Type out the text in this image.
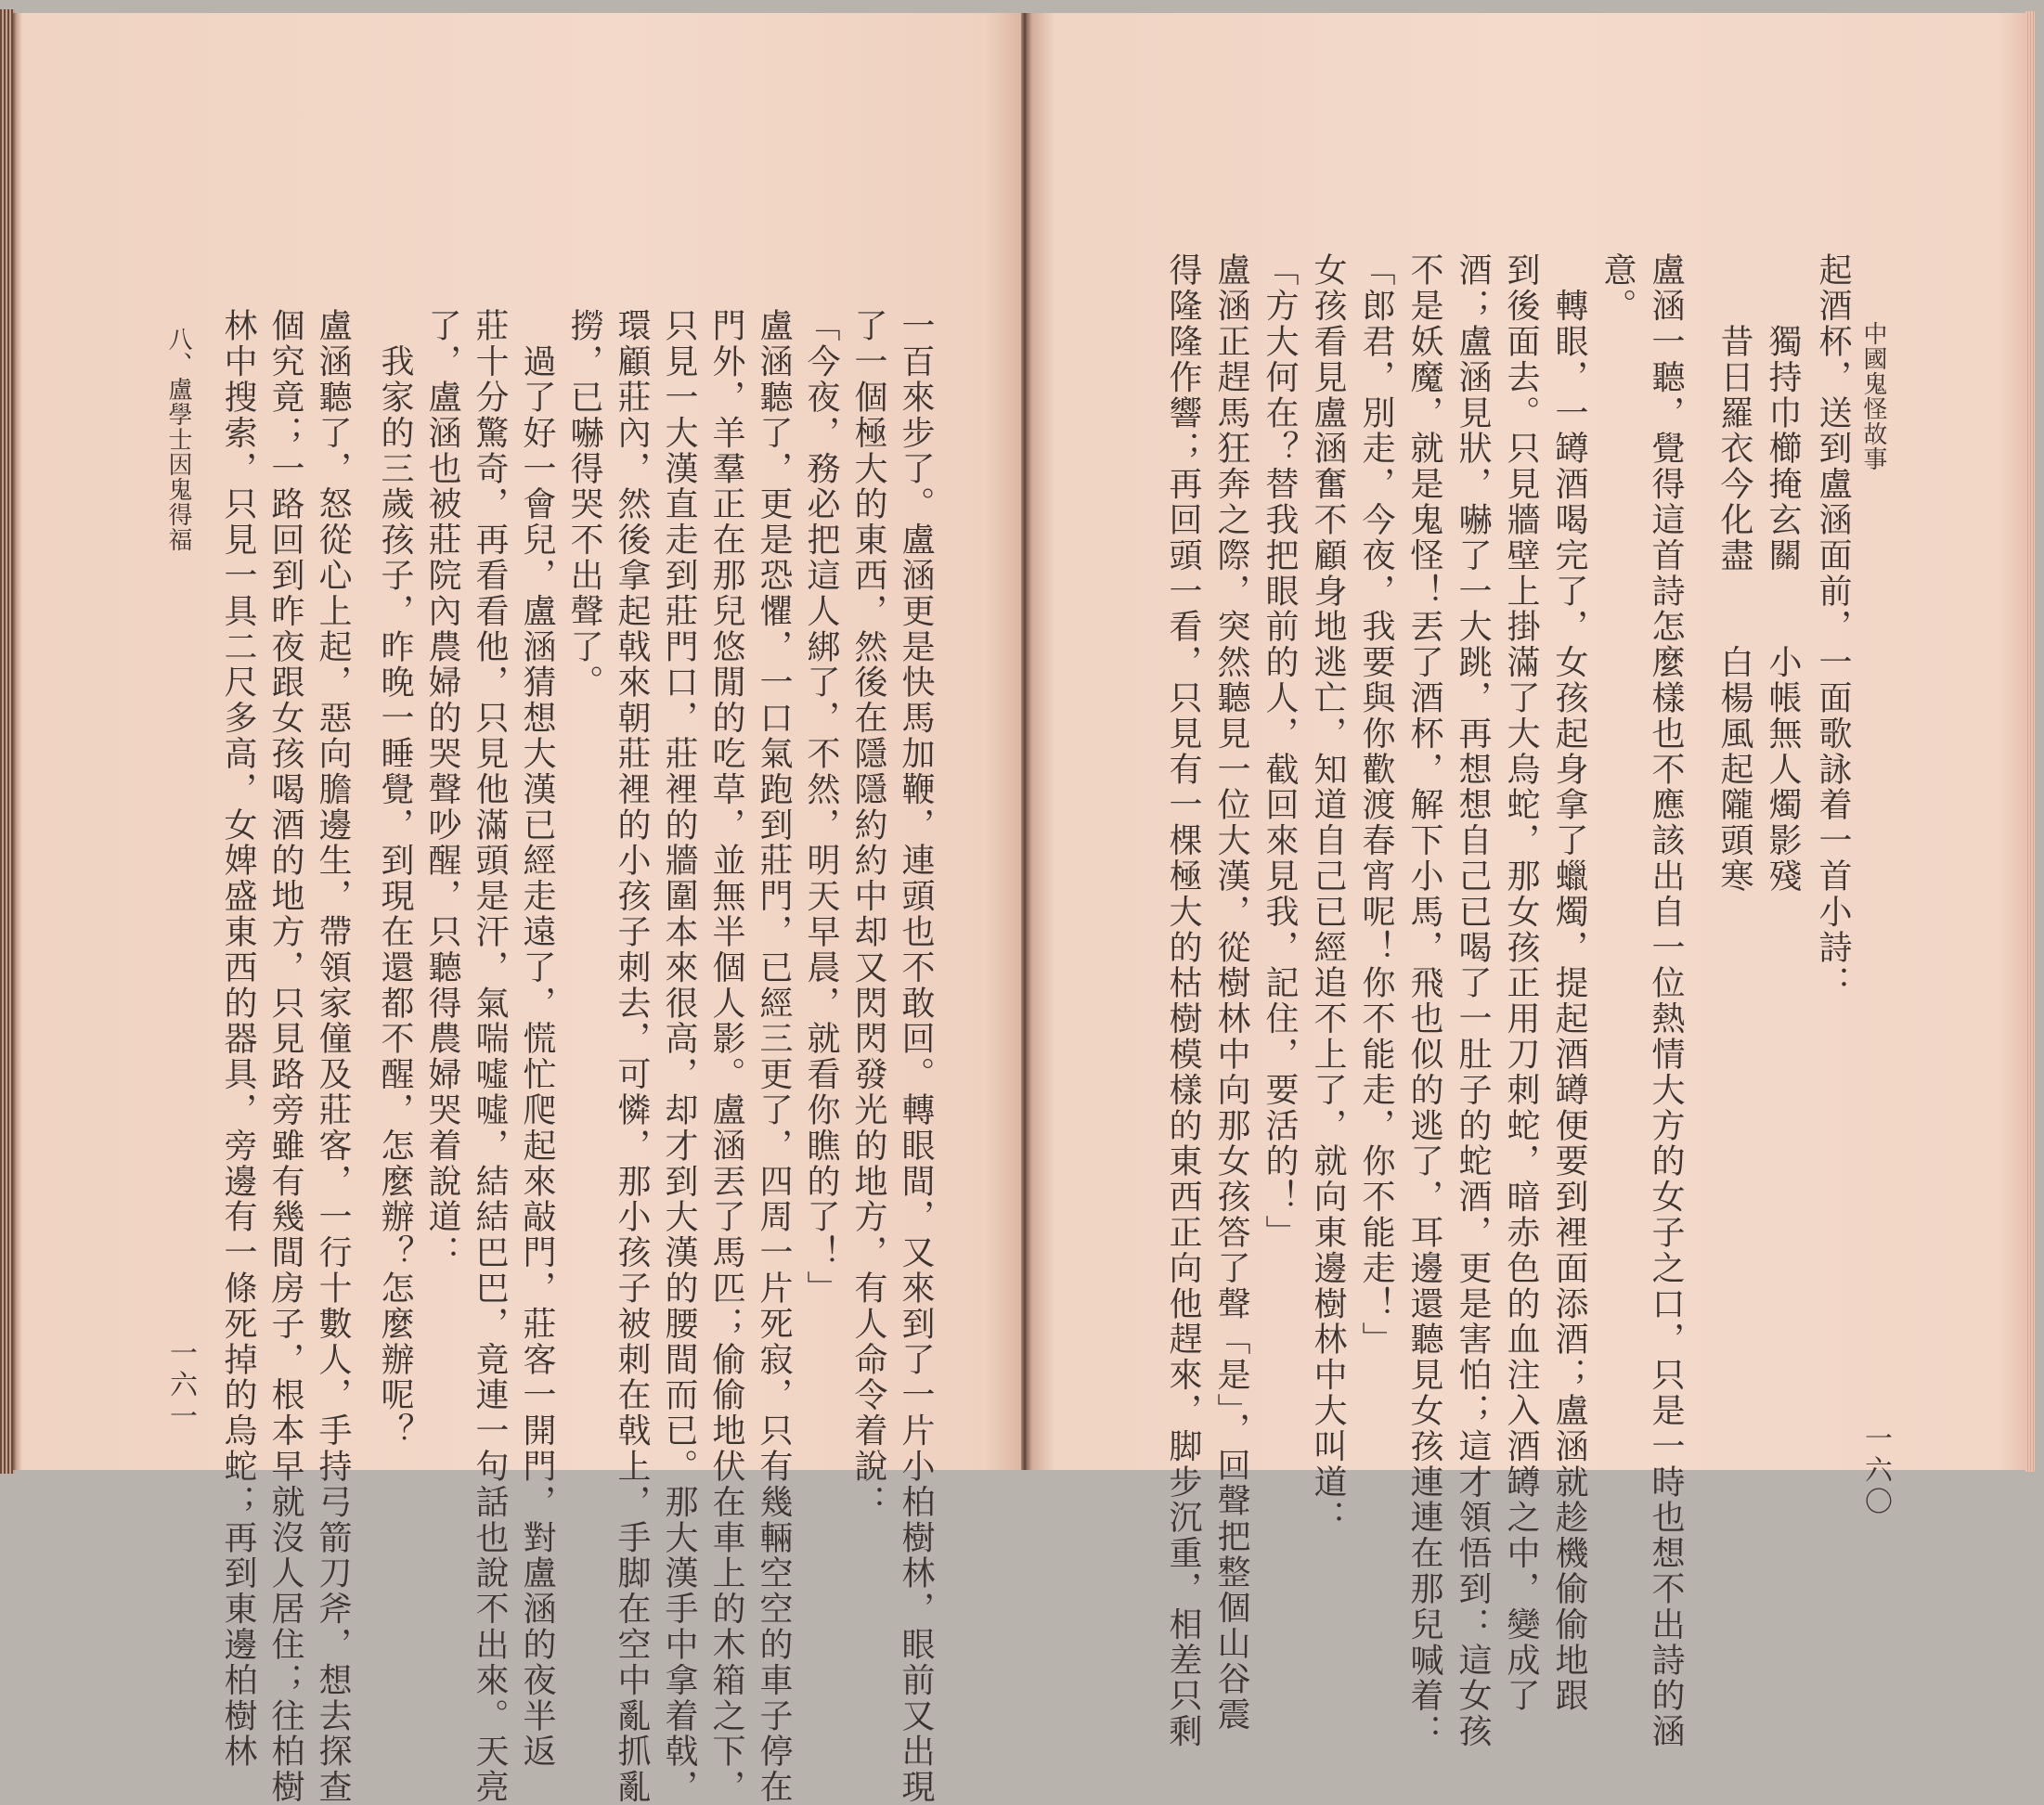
一百來步了。盧涵更是快馬加鞭，連頭也不敢回。轉眼間，又來到了一片小柏樹林，眼前又出現
了一個極大的東西，然後在隱隱約約中却又閃閃發光的地方，有人命令着說：
「今夜，務必把這人綁了，不然，明天早晨，就看你瞧的了！」
盧涵聽了，更是恐懼，一口氣跑到莊門，已經三更了，四周一片死寂，只有幾輛空空的車子停在
門外，羊羣正在那兒悠閒的吃草，並無半個人影。盧涵丟了馬匹；偷偷地伏在車上的木箱之下，
只見一大漢直走到莊門口，莊裡的牆圍本來很高，却才到大漢的腰間而已。那大漢手中拿着戟，
環顧莊內，然後拿起戟來朝莊裡的小孩子刺去，可憐，那小孩子被刺在戟上，手脚在空中亂抓亂
撈，已嚇得哭不出聲了。
　過了好一會兒，盧涵猜想大漢已經走遠了，慌忙爬起來敲門，莊客一開門，對盧涵的夜半返
莊十分驚奇，再看看他，只見他滿頭是汗，氣喘噓噓，結結巴巴，竟連一句話也說不出來。天亮
了，盧涵也被莊院內農婦的哭聲吵醒，只聽得農婦哭着說道：
　我家的三歲孩子，昨晚一睡覺，到現在還都不醒，怎麼辦？怎麼辦呢？
盧涵聽了，怒從心上起，惡向膽邊生，帶領家僮及莊客，一行十數人，手持弓箭刀斧，想去探查
個究竟；一路回到昨夜跟女孩喝酒的地方，只見路旁雖有幾間房子，根本早就沒人居住；往柏樹
林中搜索，只見一具二尺多高，女婢盛東西的器具，旁邊有一條死掉的烏蛇；再到東邊柏樹林
八、盧學士因鬼得福
一六一
中國鬼怪故事
一六〇
起酒杯，送到盧涵面前，一面歌詠着一首小詩：
　　獨持巾櫛掩玄關　　小帳無人燭影殘
　　昔日羅衣今化盡　　白楊風起隴頭寒
盧涵一聽，覺得這首詩怎麼樣也不應該出自一位熱情大方的女子之口，只是一時也想不出詩的涵
意。
　轉眼，一罇酒喝完了，女孩起身拿了蠟燭，提起酒罇便要到裡面添酒；盧涵就趁機偷偷地跟
到後面去。只見牆壁上掛滿了大烏蛇，那女孩正用刀刺蛇，暗赤色的血注入酒罇之中，變成了
酒；盧涵見狀，嚇了一大跳，再想想自己已喝了一肚子的蛇酒，更是害怕；這才領悟到：這女孩
不是妖魔，就是鬼怪！丟了酒杯，解下小馬，飛也似的逃了，耳邊還聽見女孩連連在那兒喊着：
「郎君，別走，今夜，我要與你歡渡春宵呢！你不能走，你不能走！」
女孩看見盧涵奮不顧身地逃亡，知道自己已經追不上了，就向東邊樹林中大叫道：
「方大何在？替我把眼前的人，截回來見我，記住，要活的！」
盧涵正趕馬狂奔之際，突然聽見一位大漢，從樹林中向那女孩答了聲「是」，回聲把整個山谷震
得隆隆作響；再回頭一看，只見有一棵極大的枯樹模樣的東西正向他趕來，脚步沉重，相差只剩
